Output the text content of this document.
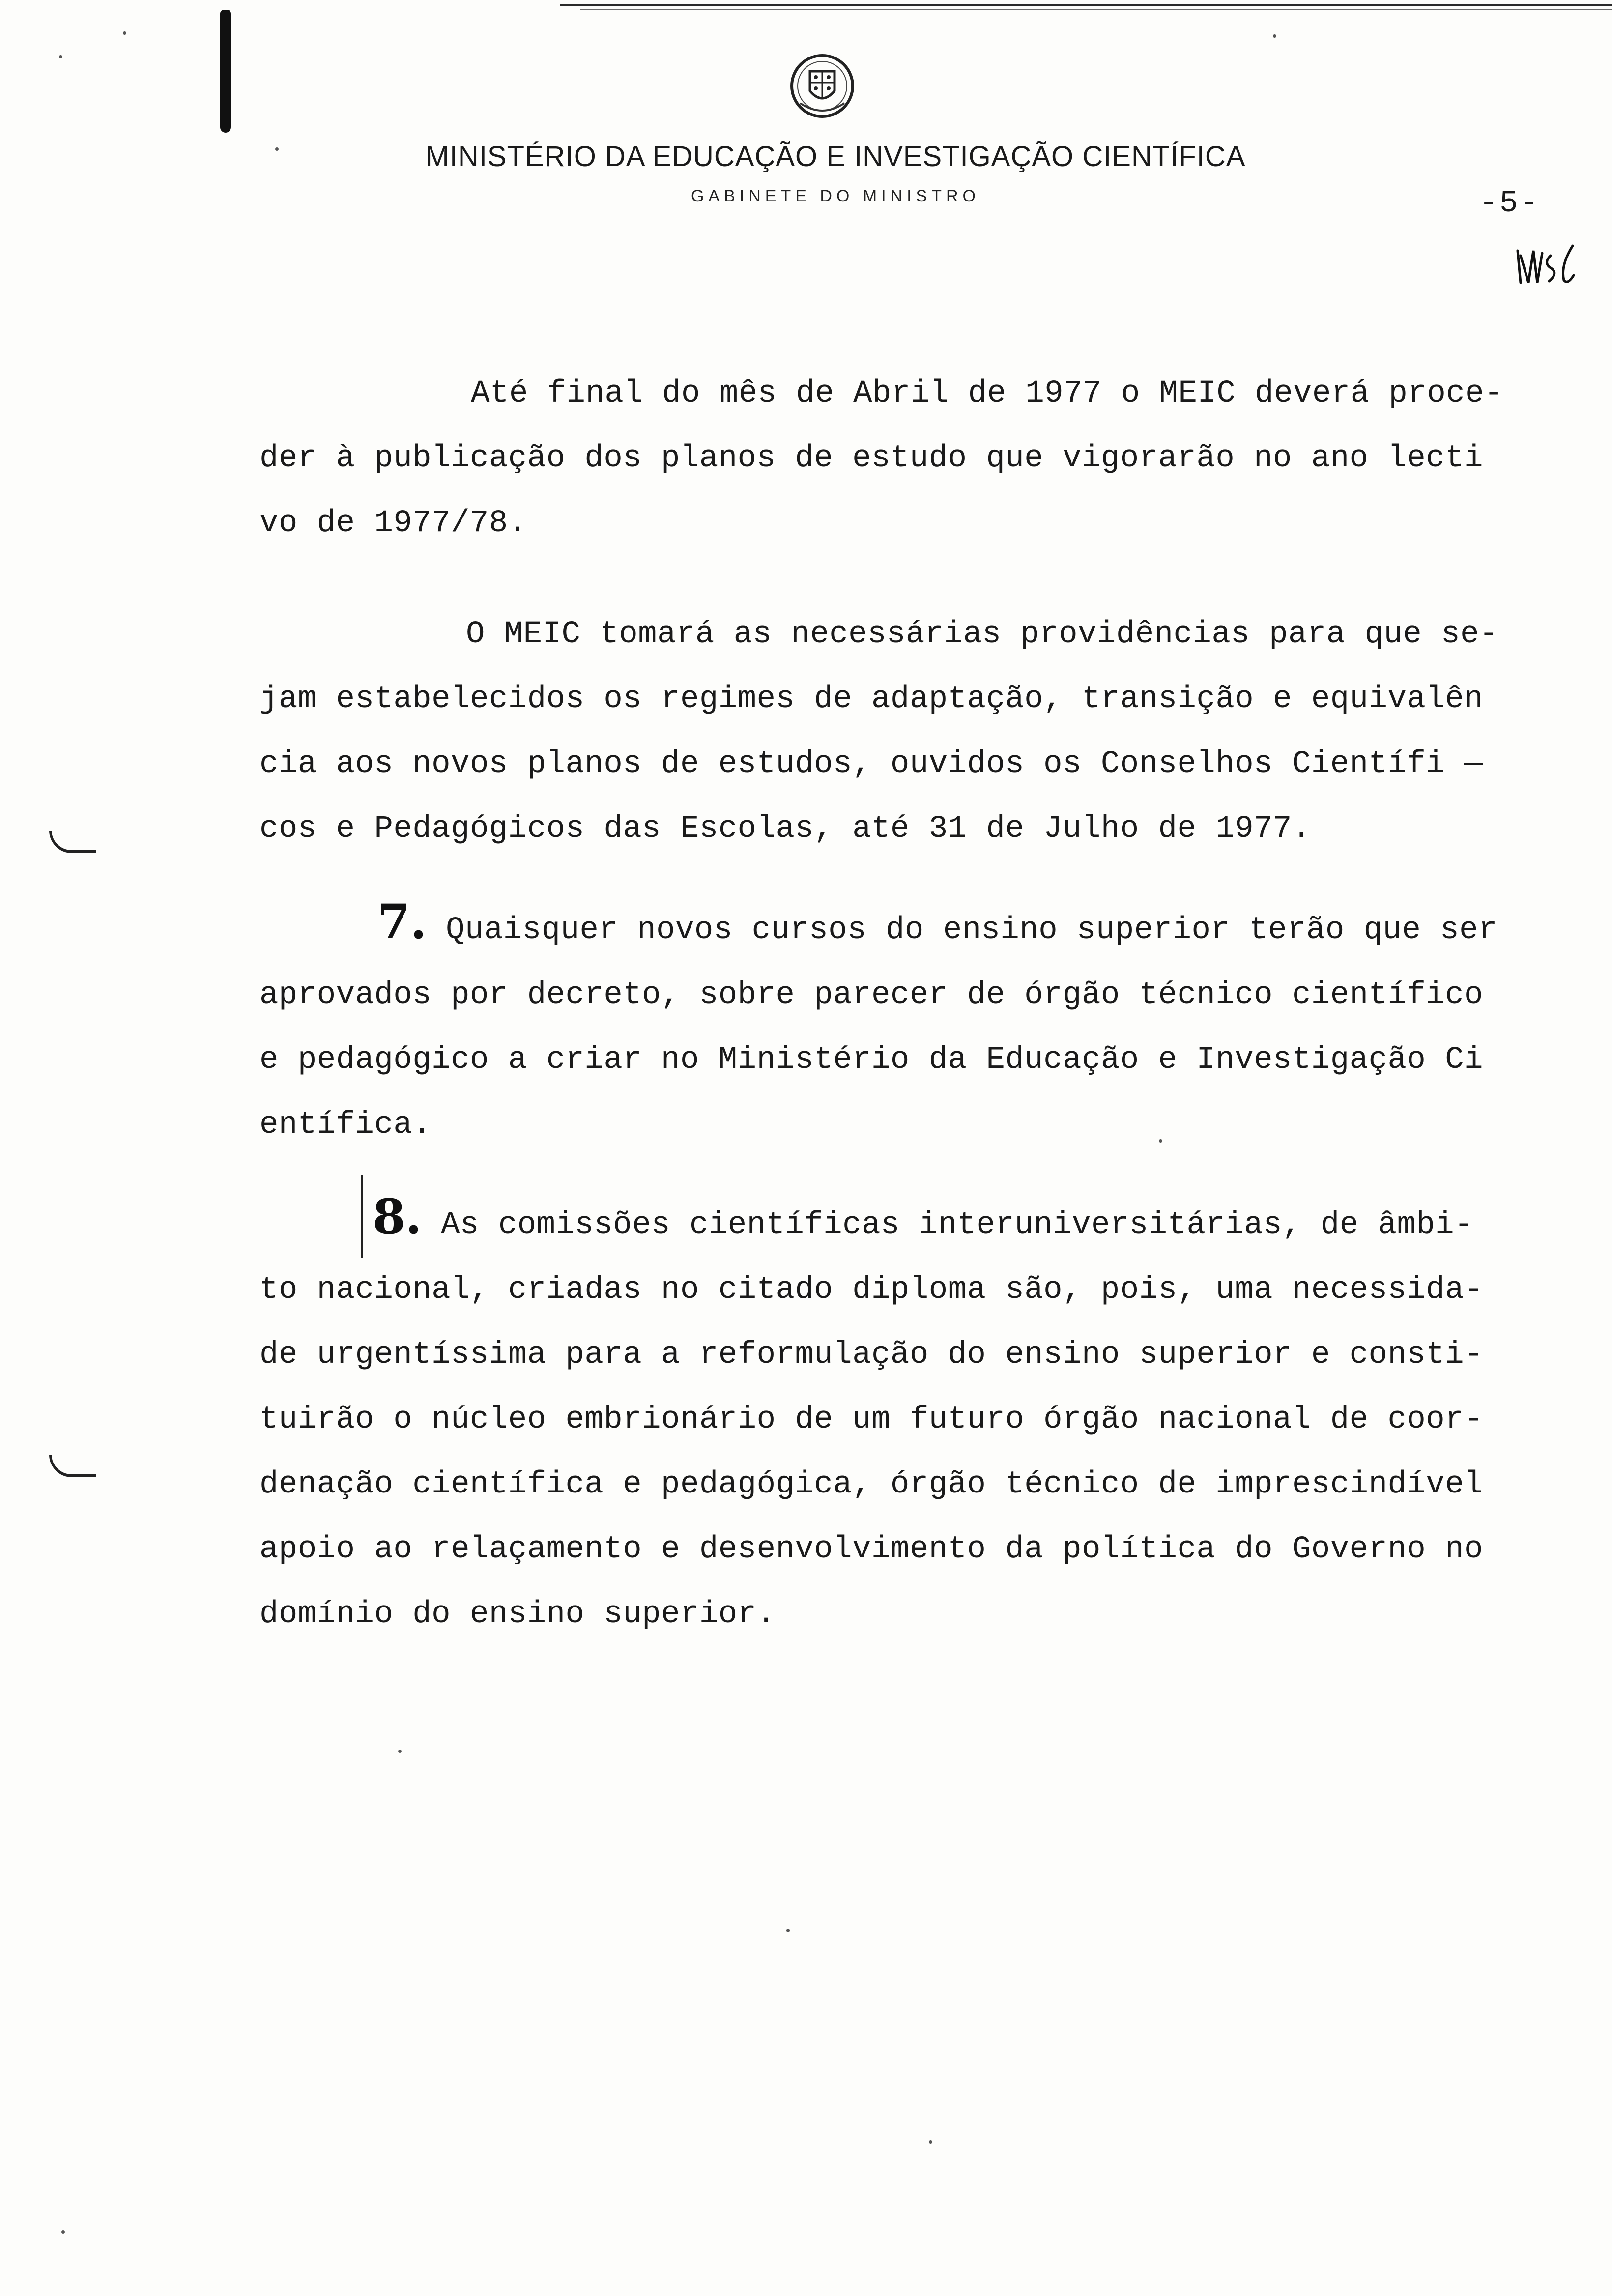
MINISTÉRIO DA EDUCAÇÃO E INVESTIGAÇÃO CIENTÍFICA
GABINETE DO MINISTRO	-5-
Até final do mês de Abril de 1977 o MEIC deverá proce-
der à publicação dos planos de estudo que vigorarão no ano lecti
vo de 1977/78.
O MEIC tomará as necessárias providências para que se-
jam estabelecidos os regimes de adaptação, transição e equivalên
cia aos novos planos de estudos, ouvidos os Conselhos Científi —
cos e Pedagógicos das Escolas, até 31 de Julho de 1977.
7. Quaisquer novos cursos do ensino superior terão que ser
aprovados por decreto, sobre parecer de órgão técnico científico
e pedagógico a criar no Ministério da Educação e Investigação Ci
entífica.
8. As comissões científicas interuniversitárias, de âmbi-
to nacional, criadas no citado diploma são, pois, uma necessida-
de urgentíssima para a reformulação do ensino superior e consti-
tuirão o núcleo embrionário de um futuro órgão nacional de coor-
denação científica e pedagógica, órgão técnico de imprescindível
apoio ao relaçamento e desenvolvimento da política do Governo no
domínio do ensino superior.
